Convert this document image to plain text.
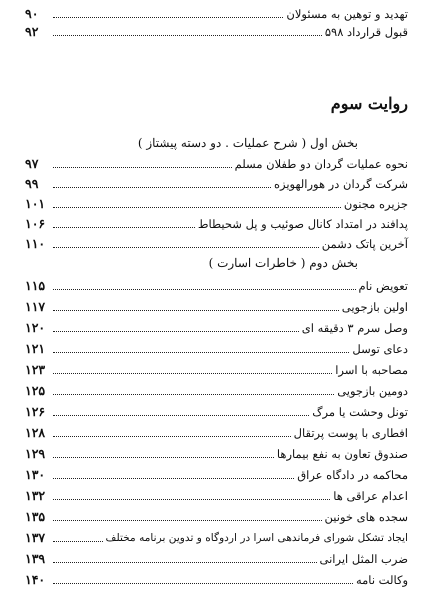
تهدید و توهین به مسئولان
۹۰
قبول قرارداد ۵۹۸
۹۲
روایت سوم
بخش اول ( شرح عملیات . دو دسته پیشتاز )
نحوه عملیات گردان دو طفلان مسلم
۹۷
شرکت گردان در هورالهویزه
۹۹
جزیره مجنون
۱۰۱
پدافند در امتداد کانال صوئیب و پل شحیطاط
۱۰۶
آخرین پاتک دشمن
۱۱۰
بخش دوم ( خاطرات اسارت )
تعویض نام
۱۱۵
اولین بازجویی
۱۱۷
وصل سرم ۳ دقیقه ای
۱۲۰
دعای توسل
۱۲۱
مصاحبه با اسرا
۱۲۳
دومین بازجویی
۱۲۵
تونل وحشت یا مرگ
۱۲۶
افطاری با پوست پرتقال
۱۲۸
صندوق تعاون به نفع بیمارها
۱۲۹
محاکمه در دادگاه عراق
۱۳۰
اعدام عراقی ها
۱۳۲
سجده های خونین
۱۳۵
ایجاد تشکل شورای فرماندهی اسرا در اردوگاه و تدوین برنامه مختلف
۱۳۷
ضرب المثل ایرانی
۱۳۹
وکالت نامه
۱۴۰
